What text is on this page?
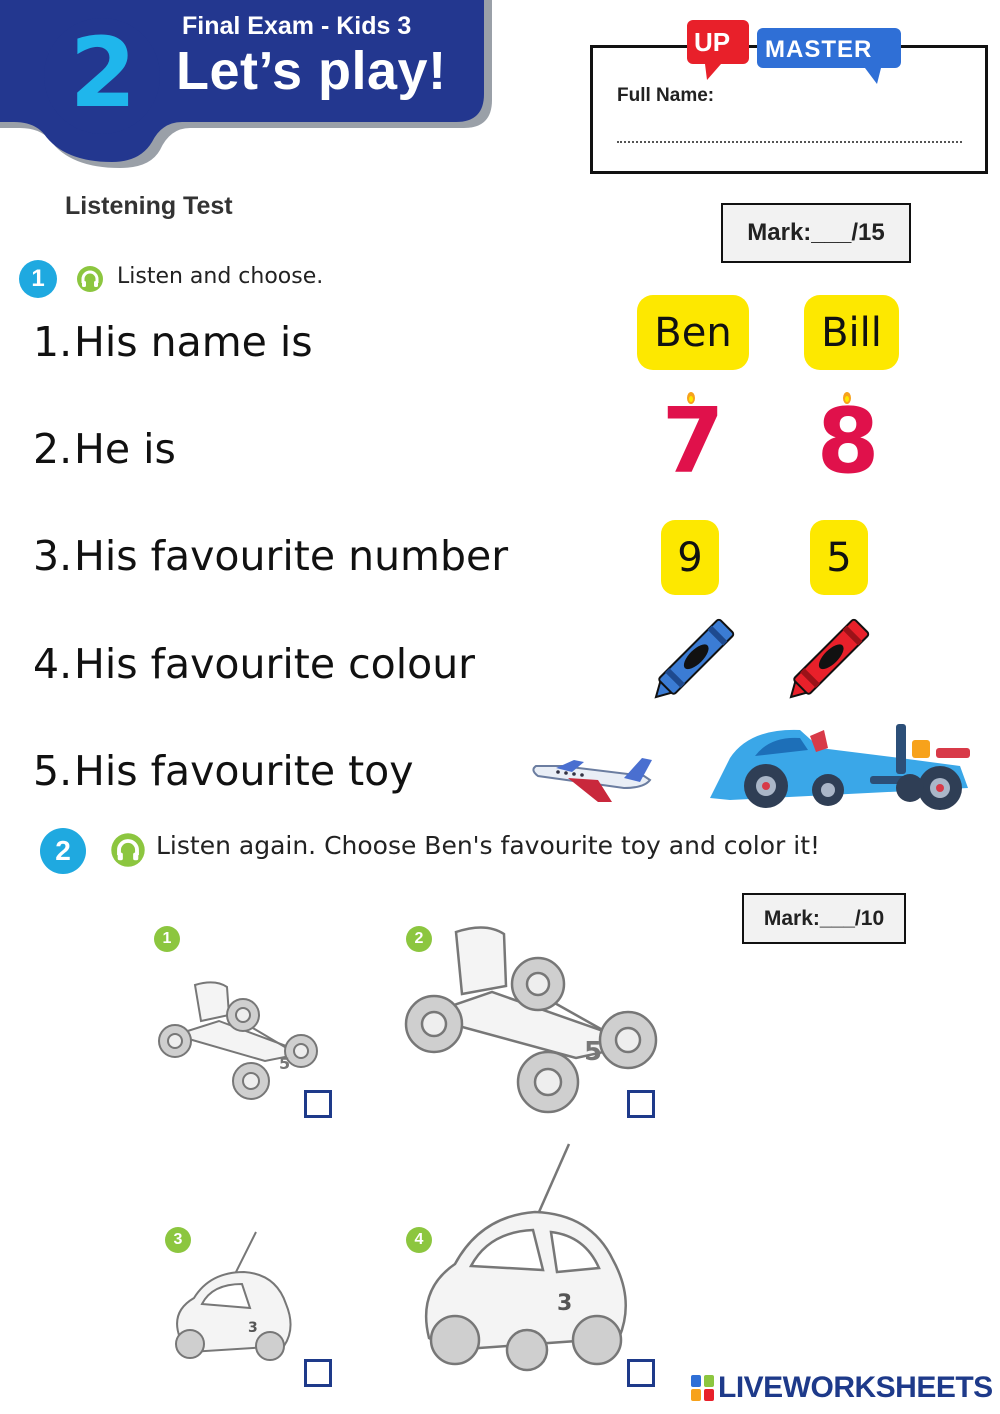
2	Final Exam - Kids 3
Let’s play!	UP MASTER
Full Name:
Listening Test
Mark:___/15
1	Listen and choose.
1. His name is
2. He is
3. His favourite number
4. His favourite colour
5. His favourite toy
Ben	Bill
7 8
9	5
2	Listen again. Choose Ben's favourite toy and color it!
Mark:___/10
1
5
2
5
3
3
4
3
LIVEWORKSHEETS
